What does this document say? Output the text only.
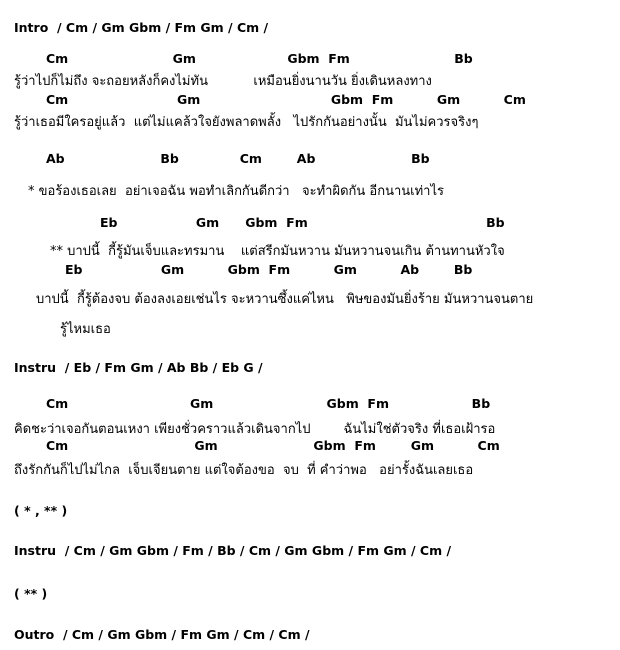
Intro  / Cm / Gm Gbm / Fm Gm / Cm /
Cm                        Gm                     Gbm  Fm                        Bb
รู้ว่าไปก็ไม่ถึง จะถอยหลังก็คงไม่ทัน           เหมือนยิ่งนานวัน ยิ่งเดินหลงทาง
Cm                         Gm                              Gbm  Fm          Gm          Cm
รู้ว่าเธอมีใครอยู่แล้ว  แต่ไม่แคล้วใจยังพลาดพลั้ง   ไปรักกันอย่างนั้น  มันไม่ควรจริงๆ
Ab                      Bb              Cm        Ab                      Bb
* ขอร้องเธอเลย  อย่าเจอฉัน พอทำเลิกกันดีกว่า   จะทำผิดกัน อีกนานเท่าไร
Eb                  Gm      Gbm  Fm                                         Bb
** บาปนี้  กี้รู้มันเจ็บและทรมาน    แต่สรีกมันหวาน มันหวานจนเกิน ต้านทานหัวใจ
Eb                  Gm          Gbm  Fm          Gm          Ab        Bb
บาปนี้  กี้รู้ต้องจบ ต้องลงเอยเช่นไร จะหวานซึ้งแค่ไหน   พิษของมันยิ่งร้าย มันหวานจนตาย
รู้ไหมเธอ
Instru  / Eb / Fm Gm / Ab Bb / Eb G /
Cm                            Gm                          Gbm  Fm                   Bb
คิดชะว่าเจอกันตอนเหงา เพียงชั่วคราวแล้วเดินจากไป        ฉันไม่ใช่ตัวจริง ที่เธอเฝ้ารอ
Cm                             Gm                      Gbm  Fm        Gm          Cm
ถึงรักกันก็ไปไม่ไกล  เจ็บเจียนตาย แต่ใจต้องขอ  จบ  ที่ คำว่าพอ   อย่ารั้งฉันเลยเธอ
( * , ** )
Instru  / Cm / Gm Gbm / Fm / Bb / Cm / Gm Gbm / Fm Gm / Cm /
( ** )
Outro  / Cm / Gm Gbm / Fm Gm / Cm / Cm /
